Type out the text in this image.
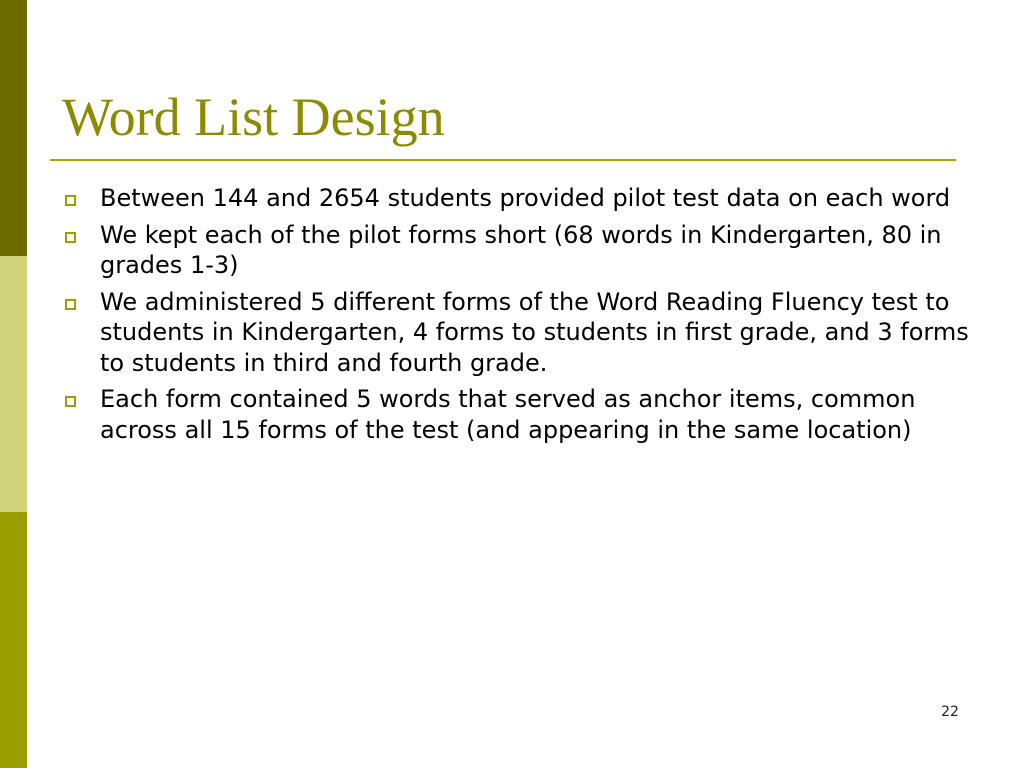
Word List Design
Between 144 and 2654 students provided pilot test data on each word
We kept each of the pilot forms short (68 words in Kindergarten, 80 in grades 1-3)
We administered 5 different forms of the Word Reading Fluency test to students in Kindergarten, 4 forms to students in first grade, and 3 forms to students in third and fourth grade.
Each form contained 5 words that served as anchor items, common across all 15 forms of the test (and appearing in the same location)
22
